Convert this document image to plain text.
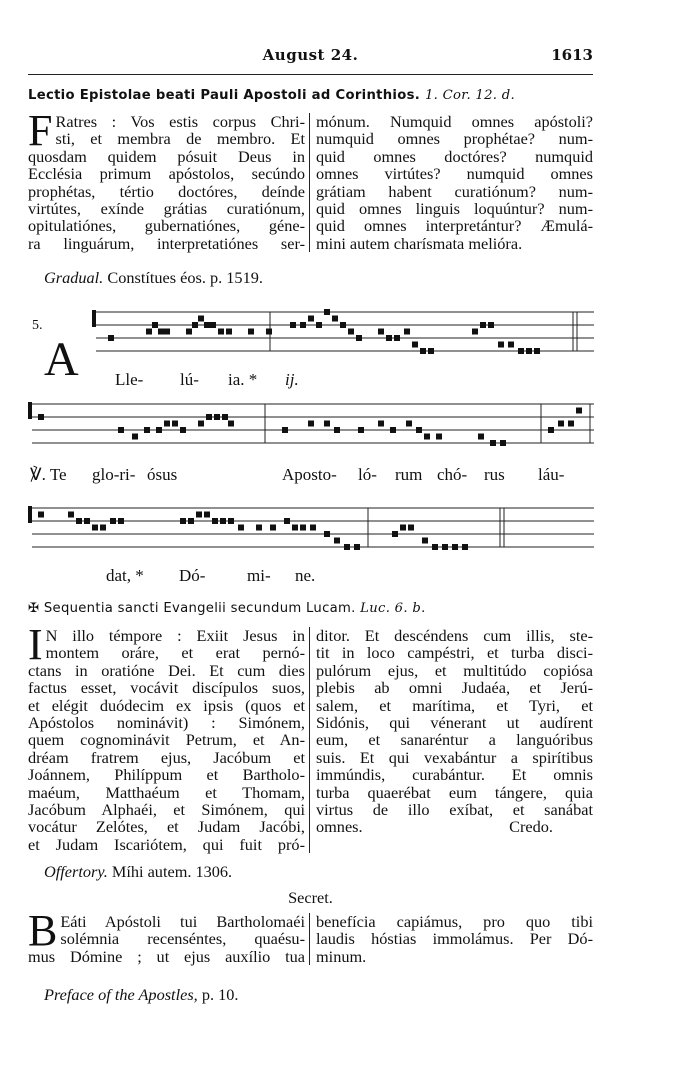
August 24.	1613
Lectio Epistolae beati Pauli Apostoli ad Corinthios. 1. Cor. 12. d.
F Ratres : Vos estis corpus Chri-
sti, et membra de membro. Et
quosdam quidem pósuit Deus in
Ecclésia primum apóstolos, secúndo
prophétas, tértio doctóres, deínde
virtútes, exínde grátias curatiónum,
opitulatiónes, gubernatiónes, géne-
ra linguárum, interpretatiónes ser-
mónum. Numquid omnes apóstoli?
numquid omnes prophétae? num-
quid omnes doctóres? numquid
omnes virtútes? numquid omnes
grátiam habent curatiónum? num-
quid omnes linguis loquúntur? num-
quid omnes interpretántur? Æmulá-
mini autem charísmata melióra.
Gradual. Constítues éos. p. 1519.
5.
A Lle- lú- ia. * ij.
℣. Te glo-ri- ósus	Aposto- ló- rum chó- rus láu-
dat, * Dó- mi- ne.
✠ Sequentia sancti Evangelii secundum Lucam. Luc. 6. b.
I N illo témpore : Exiit Jesus in
montem oráre, et erat pernó-
ctans in oratióne Dei. Et cum dies
factus esset, vocávit discípulos suos,
et elégit duódecim ex ipsis (quos et
Apóstolos nominávit) : Simónem,
quem cognominávit Petrum, et An-
dréam fratrem ejus, Jacóbum et
Joánnem, Philíppum et Bartholo-
maéum, Matthaéum et Thomam,
Jacóbum Alphaéi, et Simónem, qui
vocátur Zelótes, et Judam Jacóbi,
et Judam Iscariótem, qui fuit pró-
ditor. Et descéndens cum illis, ste-
tit in loco campéstri, et turba disci-
pulórum ejus, et multitúdo copiósa
plebis ab omni Judaéa, et Jerú-
salem, et marítima, et Tyri, et
Sidónis, qui vénerant ut audírent
eum, et sanaréntur a languóribus
suis. Et qui vexabántur a spirítibus
immúndis, curabántur. Et omnis
turba quaerébat eum tángere, quia
virtus de illo exíbat, et sanábat
omnes.	Credo.
Offertory. Míhi autem. 1306.
Secret.
B Eáti Apóstoli tui Bartholomaéi
solémnia recenséntes, quaésu-
mus Dómine ; ut ejus auxílio tua
benefícia capiámus, pro quo tibi
laudis hóstias immolámus. Per Dó-
minum.
Preface of the Apostles, p. 10.
